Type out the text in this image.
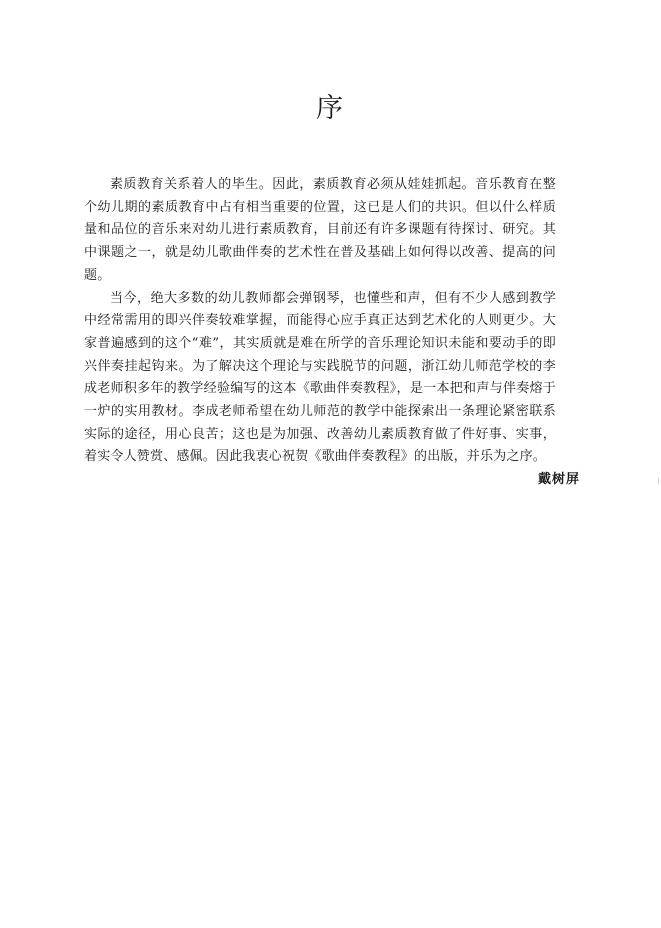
序

素质教育关系着人的毕生。因此，素质教育必须从娃娃抓起。音乐教育在整个幼儿期的素质教育中占有相当重要的位置，这已是人们的共识。但以什么样质量和品位的音乐来对幼儿进行素质教育，目前还有许多课题有待探讨、研究。其中课题之一，就是幼儿歌曲伴奏的艺术性在普及基础上如何得以改善、提高的问题。

当今，绝大多数的幼儿教师都会弹钢琴，也懂些和声，但有不少人感到教学中经常需用的即兴伴奏较难掌握，而能得心应手真正达到艺术化的人则更少。大家普遍感到的这个“难”，其实质就是难在所学的音乐理论知识未能和要动手的即兴伴奏挂起钩来。为了解决这个理论与实践脱节的问题，浙江幼儿师范学校的李成老师积多年的教学经验编写的这本《歌曲伴奏教程》，是一本把和声与伴奏熔于一炉的实用教材。李成老师希望在幼儿师范的教学中能探索出一条理论紧密联系实际的途径，用心良苦；这也是为加强、改善幼儿素质教育做了件好事、实事，着实令人赞赏、感佩。因此我衷心祝贺《歌曲伴奏教程》的出版，并乐为之序。

戴树屏
